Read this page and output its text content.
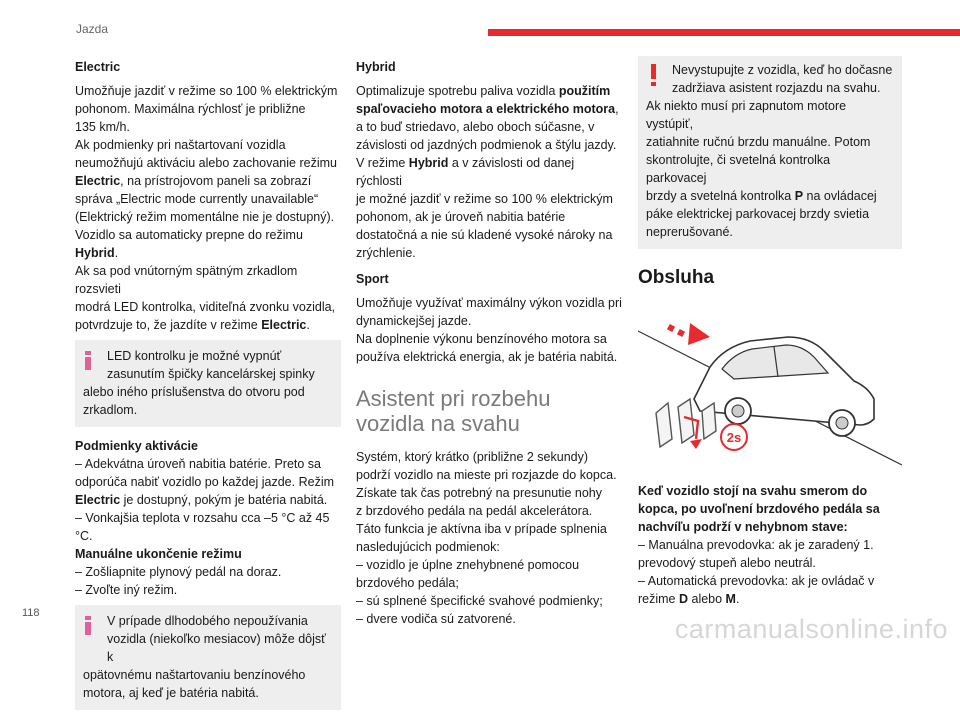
Jazda
Electric

Umožňuje jazdiť v režime so 100 % elektrickým
pohonom. Maximálna rýchlosť je približne
135 km/h.
Ak podmienky pri naštartovaní vozidla
neumožňujú aktiváciu alebo zachovanie režimu
Electric, na prístrojovom paneli sa zobrazí
správa „Electric mode currently unavailable“
(Elektrický režim momentálne nie je dostupný).
Vozidlo sa automaticky prepne do režimu
Hybrid.
Ak sa pod vnútorným spätným zrkadlom rozsvieti
modrá LED kontrolka, viditeľná zvonku vozidla,
potvrdzuje to, že jazdíte v režime Electric.

LED kontrolku je možné vypnúť
zasunutím špičky kancelárskej spinky
alebo iného príslušenstva do otvoru pod
zrkadlom.
Podmienky aktivácie

– Adekvátna úroveň nabitia batérie. Preto sa
odporúča nabiť vozidlo po každej jazde. Režim
Electric je dostupný, pokým je batéria nabitá.
– Vonkajšia teplota v rozsahu cca –5 °C až 45
°C.
Manuálne ukončenie režimu
– Zošliapnite plynový pedál na doraz.
– Zvoľte iný režim.

V prípade dlhodobého nepoužívania
vozidla (niekoľko mesiacov) môže dôjsť k
opätovnému naštartovaniu benzínového
motora, aj keď je batéria nabitá.
Hybrid

Optimalizuje spotrebu paliva vozidla použitím
spaľovacieho motora a elektrického motora,
a to buď striedavo, alebo oboch súčasne, v
závislosti od jazdných podmienok a štýlu jazdy.
V režime Hybrid a v závislosti od danej rýchlosti
je možné jazdiť v režime so 100 % elektrickým
pohonom, ak je úroveň nabitia batérie
dostatočná a nie sú kladené vysoké nároky na
zrýchlenie.

Sport

Umožňuje využívať maximálny výkon vozidla pri
dynamickejšej jazde.
Na doplnenie výkonu benzínového motora sa
používa elektrická energia, ak je batéria nabitá.

Asistent pri rozbehu
vozidla na svahu

Systém, ktorý krátko (približne 2 sekundy)
podrží vozidlo na mieste pri rozjazde do kopca.
Získate tak čas potrebný na presunutie nohy
z brzdového pedála na pedál akcelerátora.
Táto funkcia je aktívna iba v prípade splnenia
nasledujúcich podmienok:
– vozidlo je úplne znehybnené pomocou
brzdového pedála;
– sú splnené špecifické svahové podmienky;
– dvere vodiča sú zatvorené.

Nevystupujte z vozidla, keď ho dočasne
zadržiava asistent rozjazdu na svahu.
Ak niekto musí pri zapnutom motore vystúpiť,
zatiahnite ručnú brzdu manuálne. Potom
skontrolujte, či svetelná kontrolka parkovacej
brzdy a svetelná kontrolka P na ovládacej
páke elektrickej parkovacej brzdy svietia
neprerušované.
Obsluha
2s

Keď vozidlo stojí na svahu smerom do
kopca, po uvoľnení brzdového pedála sa
nachvíľu podrží v nehybnom stave:
– Manuálna prevodovka: ak je zaradený 1.
prevodový stupeň alebo neutrál.
– Automatická prevodovka: ak je ovládač v
režime D alebo M.

118
carmanualsonline.info
